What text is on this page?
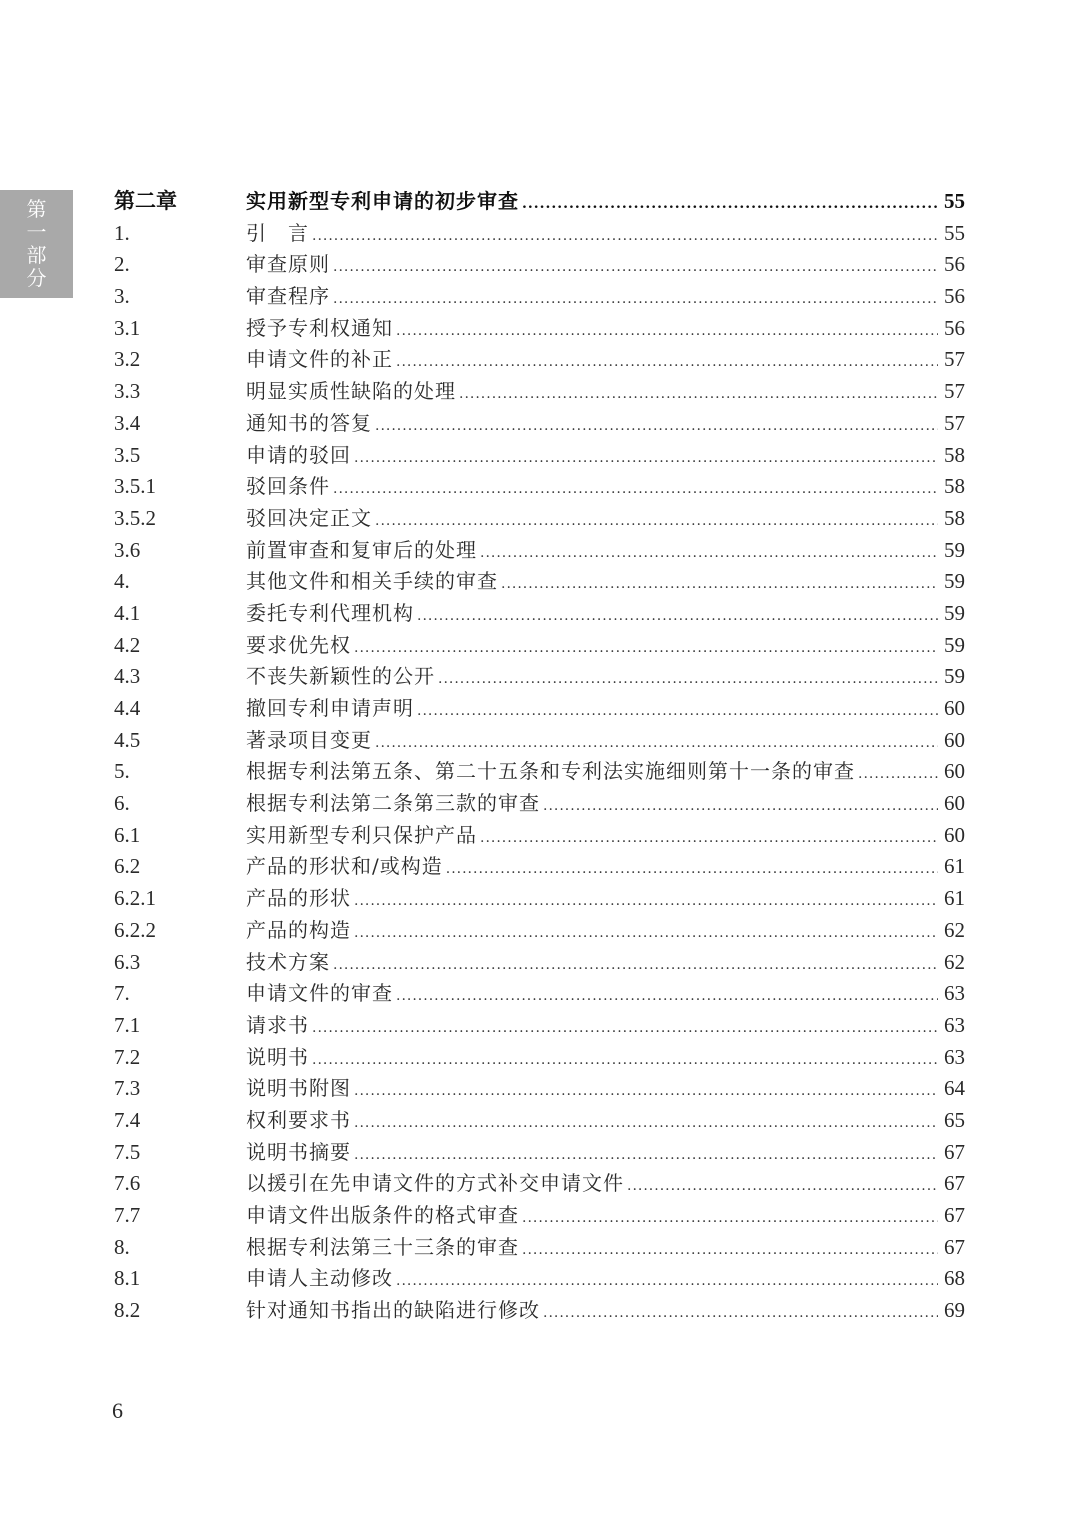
第
一
部
分
第二章	实用新型专利申请的初步审查 .....	55
1.	引　言 .....	55
2.	审查原则 .....	56
3.	审查程序 .....	56
3.1	授予专利权通知 .....	56
3.2	申请文件的补正 .....	57
3.3	明显实质性缺陷的处理 .....	57
3.4	通知书的答复 .....	57
3.5	申请的驳回 .....	58
3.5.1	驳回条件 .....	58
3.5.2	驳回决定正文 .....	58
3.6	前置审查和复审后的处理 .....	59
4.	其他文件和相关手续的审查 .....	59
4.1	委托专利代理机构 .....	59
4.2	要求优先权 .....	59
4.3	不丧失新颖性的公开 .....	59
4.4	撤回专利申请声明 .....	60
4.5	著录项目变更 .....	60
5.	根据专利法第五条、第二十五条和专利法实施细则第十一条的审查 .....	60
6.	根据专利法第二条第三款的审查 .....	60
6.1	实用新型专利只保护产品 .....	60
6.2	产品的形状和/或构造 .....	61
6.2.1	产品的形状 .....	61
6.2.2	产品的构造 .....	62
6.3	技术方案 .....	62
7.	申请文件的审查 .....	63
7.1	请求书 .....	63
7.2	说明书 .....	63
7.3	说明书附图 .....	64
7.4	权利要求书 .....	65
7.5	说明书摘要 .....	67
7.6	以援引在先申请文件的方式补交申请文件 .....	67
7.7	申请文件出版条件的格式审查 .....	67
8.	根据专利法第三十三条的审查 .....	67
8.1	申请人主动修改 .....	68
8.2	针对通知书指出的缺陷进行修改 .....	69
6
